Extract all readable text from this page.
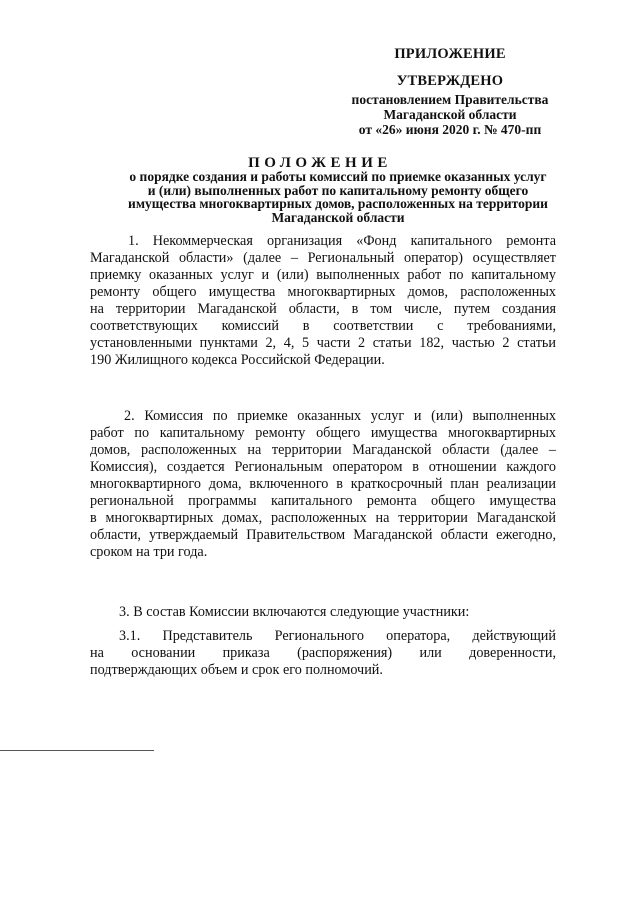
ПРИЛОЖЕНИЕ
УТВЕРЖДЕНО
постановлением Правительства
Магаданской области
от «26» июня 2020 г. № 470-пп
ПОЛОЖЕНИЕ
о порядке создания и работы комиссий по приемке оказанных услуг
и (или) выполненных работ по капитальному ремонту общего
имущества многоквартирных домов, расположенных на территории
Магаданской области
1. Некоммерческая организация «Фонд капитального ремонта
Магаданской области» (далее – Региональный оператор) осуществляет
приемку оказанных услуг и (или) выполненных работ по капитальному
ремонту общего имущества многоквартирных домов, расположенных
на территории Магаданской области, в том числе, путем создания
соответствующих комиссий в соответствии с требованиями,
установленными пунктами 2, 4, 5 части 2 статьи 182, частью 2 статьи
190 Жилищного кодекса Российской Федерации.
2. Комиссия по приемке оказанных услуг и (или) выполненных
работ по капитальному ремонту общего имущества многоквартирных
домов, расположенных на территории Магаданской области (далее –
Комиссия), создается Региональным оператором в отношении каждого
многоквартирного дома, включенного в краткосрочный план реализации
региональной программы капитального ремонта общего имущества
в многоквартирных домах, расположенных на территории Магаданской
области, утверждаемый Правительством Магаданской области ежегодно,
сроком на три года.
3. В состав Комиссии включаются следующие участники:
3.1. Представитель Регионального оператора, действующий
на основании приказа (распоряжения) или доверенности,
подтверждающих объем и срок его полномочий.
